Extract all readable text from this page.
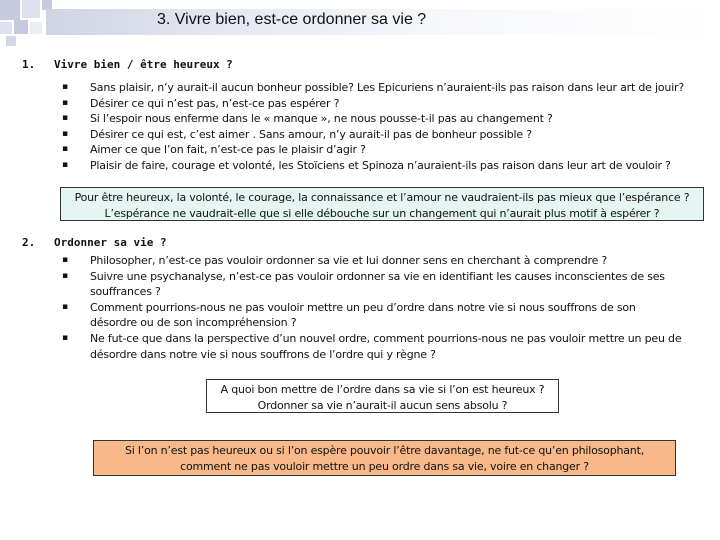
3. Vivre bien, est-ce ordonner sa vie ?
1. Vivre bien / être heureux ?
▪ Sans plaisir, n’y aurait-il aucun bonheur possible? Les Epicuriens n’auraient-ils pas raison dans leur art de jouir?
▪ Désirer ce qui n’est pas, n’est-ce pas espérer ?
▪ Si l’espoir nous enferme dans le « manque », ne nous pousse-t-il pas au changement ?
▪ Désirer ce qui est, c’est aimer . Sans amour, n’y aurait-il pas de bonheur possible ?
▪ Aimer ce que l’on fait, n’est-ce pas le plaisir d’agir ?
▪ Plaisir de faire, courage et volonté, les Stoïciens et Spinoza n’auraient-ils pas raison dans leur art de vouloir ?
Pour être heureux, la volonté, le courage, la connaissance et l’amour ne vaudraient-ils pas mieux que l’espérance ?
L’espérance ne vaudrait-elle que si elle débouche sur un changement qui n’aurait plus motif à espérer ?
2. Ordonner sa vie ?
▪ Philosopher, n’est-ce pas vouloir ordonner sa vie et lui donner sens en cherchant à comprendre ?
▪ Suivre une psychanalyse, n’est-ce pas vouloir ordonner sa vie en identifiant les causes inconscientes de ses
souffrances ?
▪ Comment pourrions-nous ne pas vouloir mettre un peu d’ordre dans notre vie si nous souffrons de son
désordre ou de son incompréhension ?
▪ Ne fut-ce que dans la perspective d’un nouvel ordre, comment pourrions-nous ne pas vouloir mettre un peu de
désordre dans notre vie si nous souffrons de l’ordre qui y règne ?
A quoi bon mettre de l’ordre dans sa vie si l’on est heureux ?
Ordonner sa vie n’aurait-il aucun sens absolu ?
Si l’on n’est pas heureux ou si l’on espère pouvoir l’être davantage, ne fut-ce qu’en philosophant,
comment ne pas vouloir mettre un peu ordre dans sa vie, voire en changer ?
